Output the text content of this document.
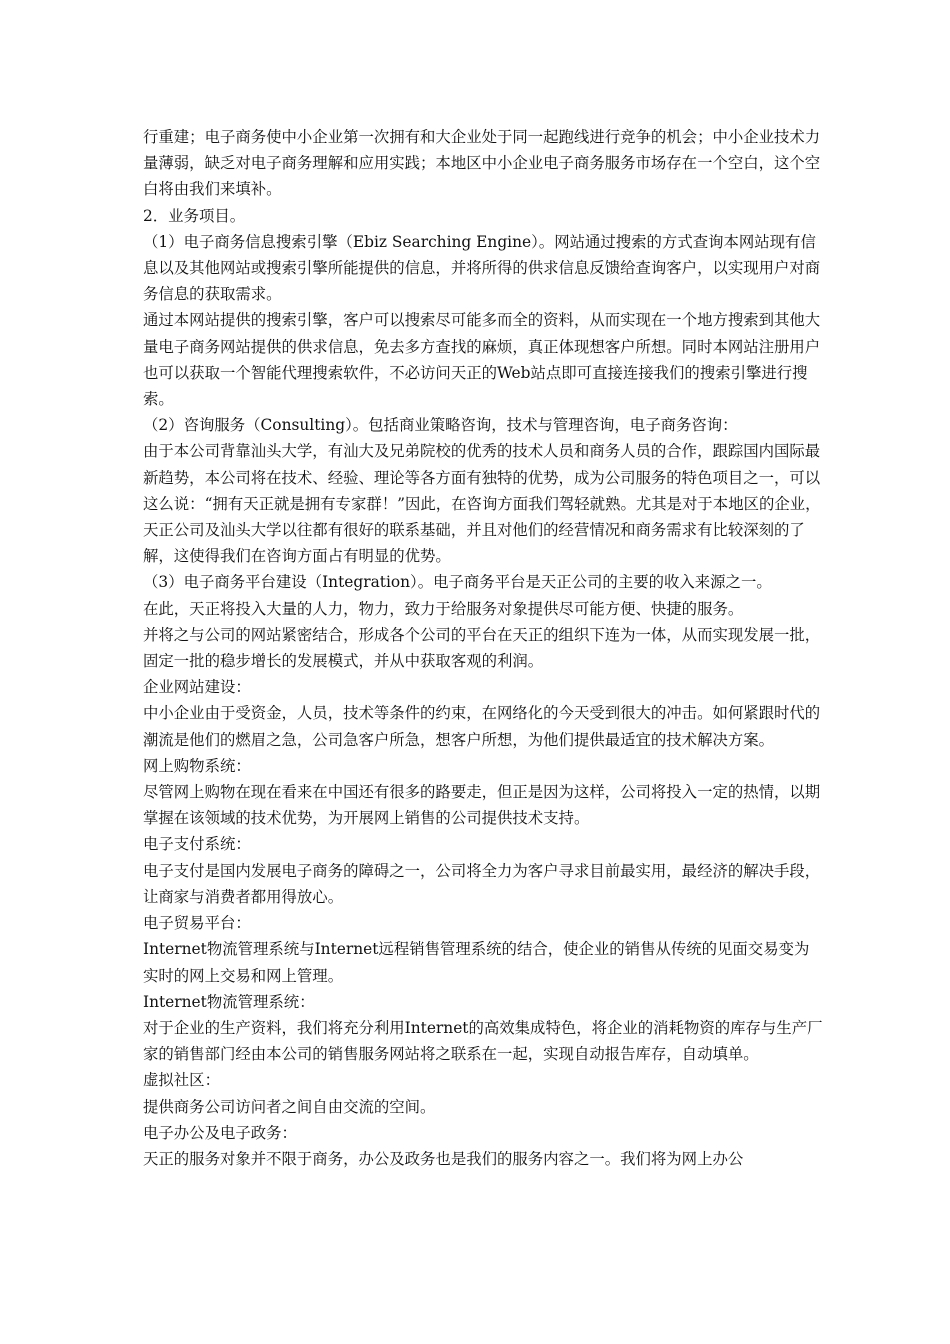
行重建；电子商务使中小企业第一次拥有和大企业处于同一起跑线进行竞争的机会；中小企业技术力量薄弱，缺乏对电子商务理解和应用实践；本地区中小企业电子商务服务市场存在一个空白，这个空白将由我们来填补。

2．业务项目。

（1）电子商务信息搜索引擎（Ebiz Searching Engine）。网站通过搜索的方式查询本网站现有信息以及其他网站或搜索引擎所能提供的信息，并将所得的供求信息反馈给查询客户，以实现用户对商务信息的获取需求。

通过本网站提供的搜索引擎，客户可以搜索尽可能多而全的资料，从而实现在一个地方搜索到其他大量电子商务网站提供的供求信息，免去多方查找的麻烦，真正体现想客户所想。同时本网站注册用户也可以获取一个智能代理搜索软件，不必访问天正的Web站点即可直接连接我们的搜索引擎进行搜索。

（2）咨询服务（Consulting）。包括商业策略咨询，技术与管理咨询，电子商务咨询：

由于本公司背靠汕头大学，有汕大及兄弟院校的优秀的技术人员和商务人员的合作，跟踪国内国际最新趋势，本公司将在技术、经验、理论等各方面有独特的优势，成为公司服务的特色项目之一，可以这么说：“拥有天正就是拥有专家群！”因此，在咨询方面我们驾轻就熟。尤其是对于本地区的企业，天正公司及汕头大学以往都有很好的联系基础，并且对他们的经营情况和商务需求有比较深刻的了解，这使得我们在咨询方面占有明显的优势。

（3）电子商务平台建设（Integration）。电子商务平台是天正公司的主要的收入来源之一。

在此，天正将投入大量的人力，物力，致力于给服务对象提供尽可能方便、快捷的服务。

并将之与公司的网站紧密结合，形成各个公司的平台在天正的组织下连为一体，从而实现发展一批，固定一批的稳步增长的发展模式，并从中获取客观的利润。

企业网站建设：

中小企业由于受资金，人员，技术等条件的约束，在网络化的今天受到很大的冲击。如何紧跟时代的潮流是他们的燃眉之急，公司急客户所急，想客户所想，为他们提供最适宜的技术解决方案。

网上购物系统：

尽管网上购物在现在看来在中国还有很多的路要走，但正是因为这样，公司将投入一定的热情，以期掌握在该领域的技术优势，为开展网上销售的公司提供技术支持。

电子支付系统：

电子支付是国内发展电子商务的障碍之一，公司将全力为客户寻求目前最实用，最经济的解决手段，让商家与消费者都用得放心。

电子贸易平台：

Internet物流管理系统与Internet远程销售管理系统的结合，使企业的销售从传统的见面交易变为实时的网上交易和网上管理。

Internet物流管理系统：

对于企业的生产资料，我们将充分利用Internet的高效集成特色，将企业的消耗物资的库存与生产厂家的销售部门经由本公司的销售服务网站将之联系在一起，实现自动报告库存，自动填单。

虚拟社区：

提供商务公司访问者之间自由交流的空间。

电子办公及电子政务：

天正的服务对象并不限于商务，办公及政务也是我们的服务内容之一。我们将为网上办公
